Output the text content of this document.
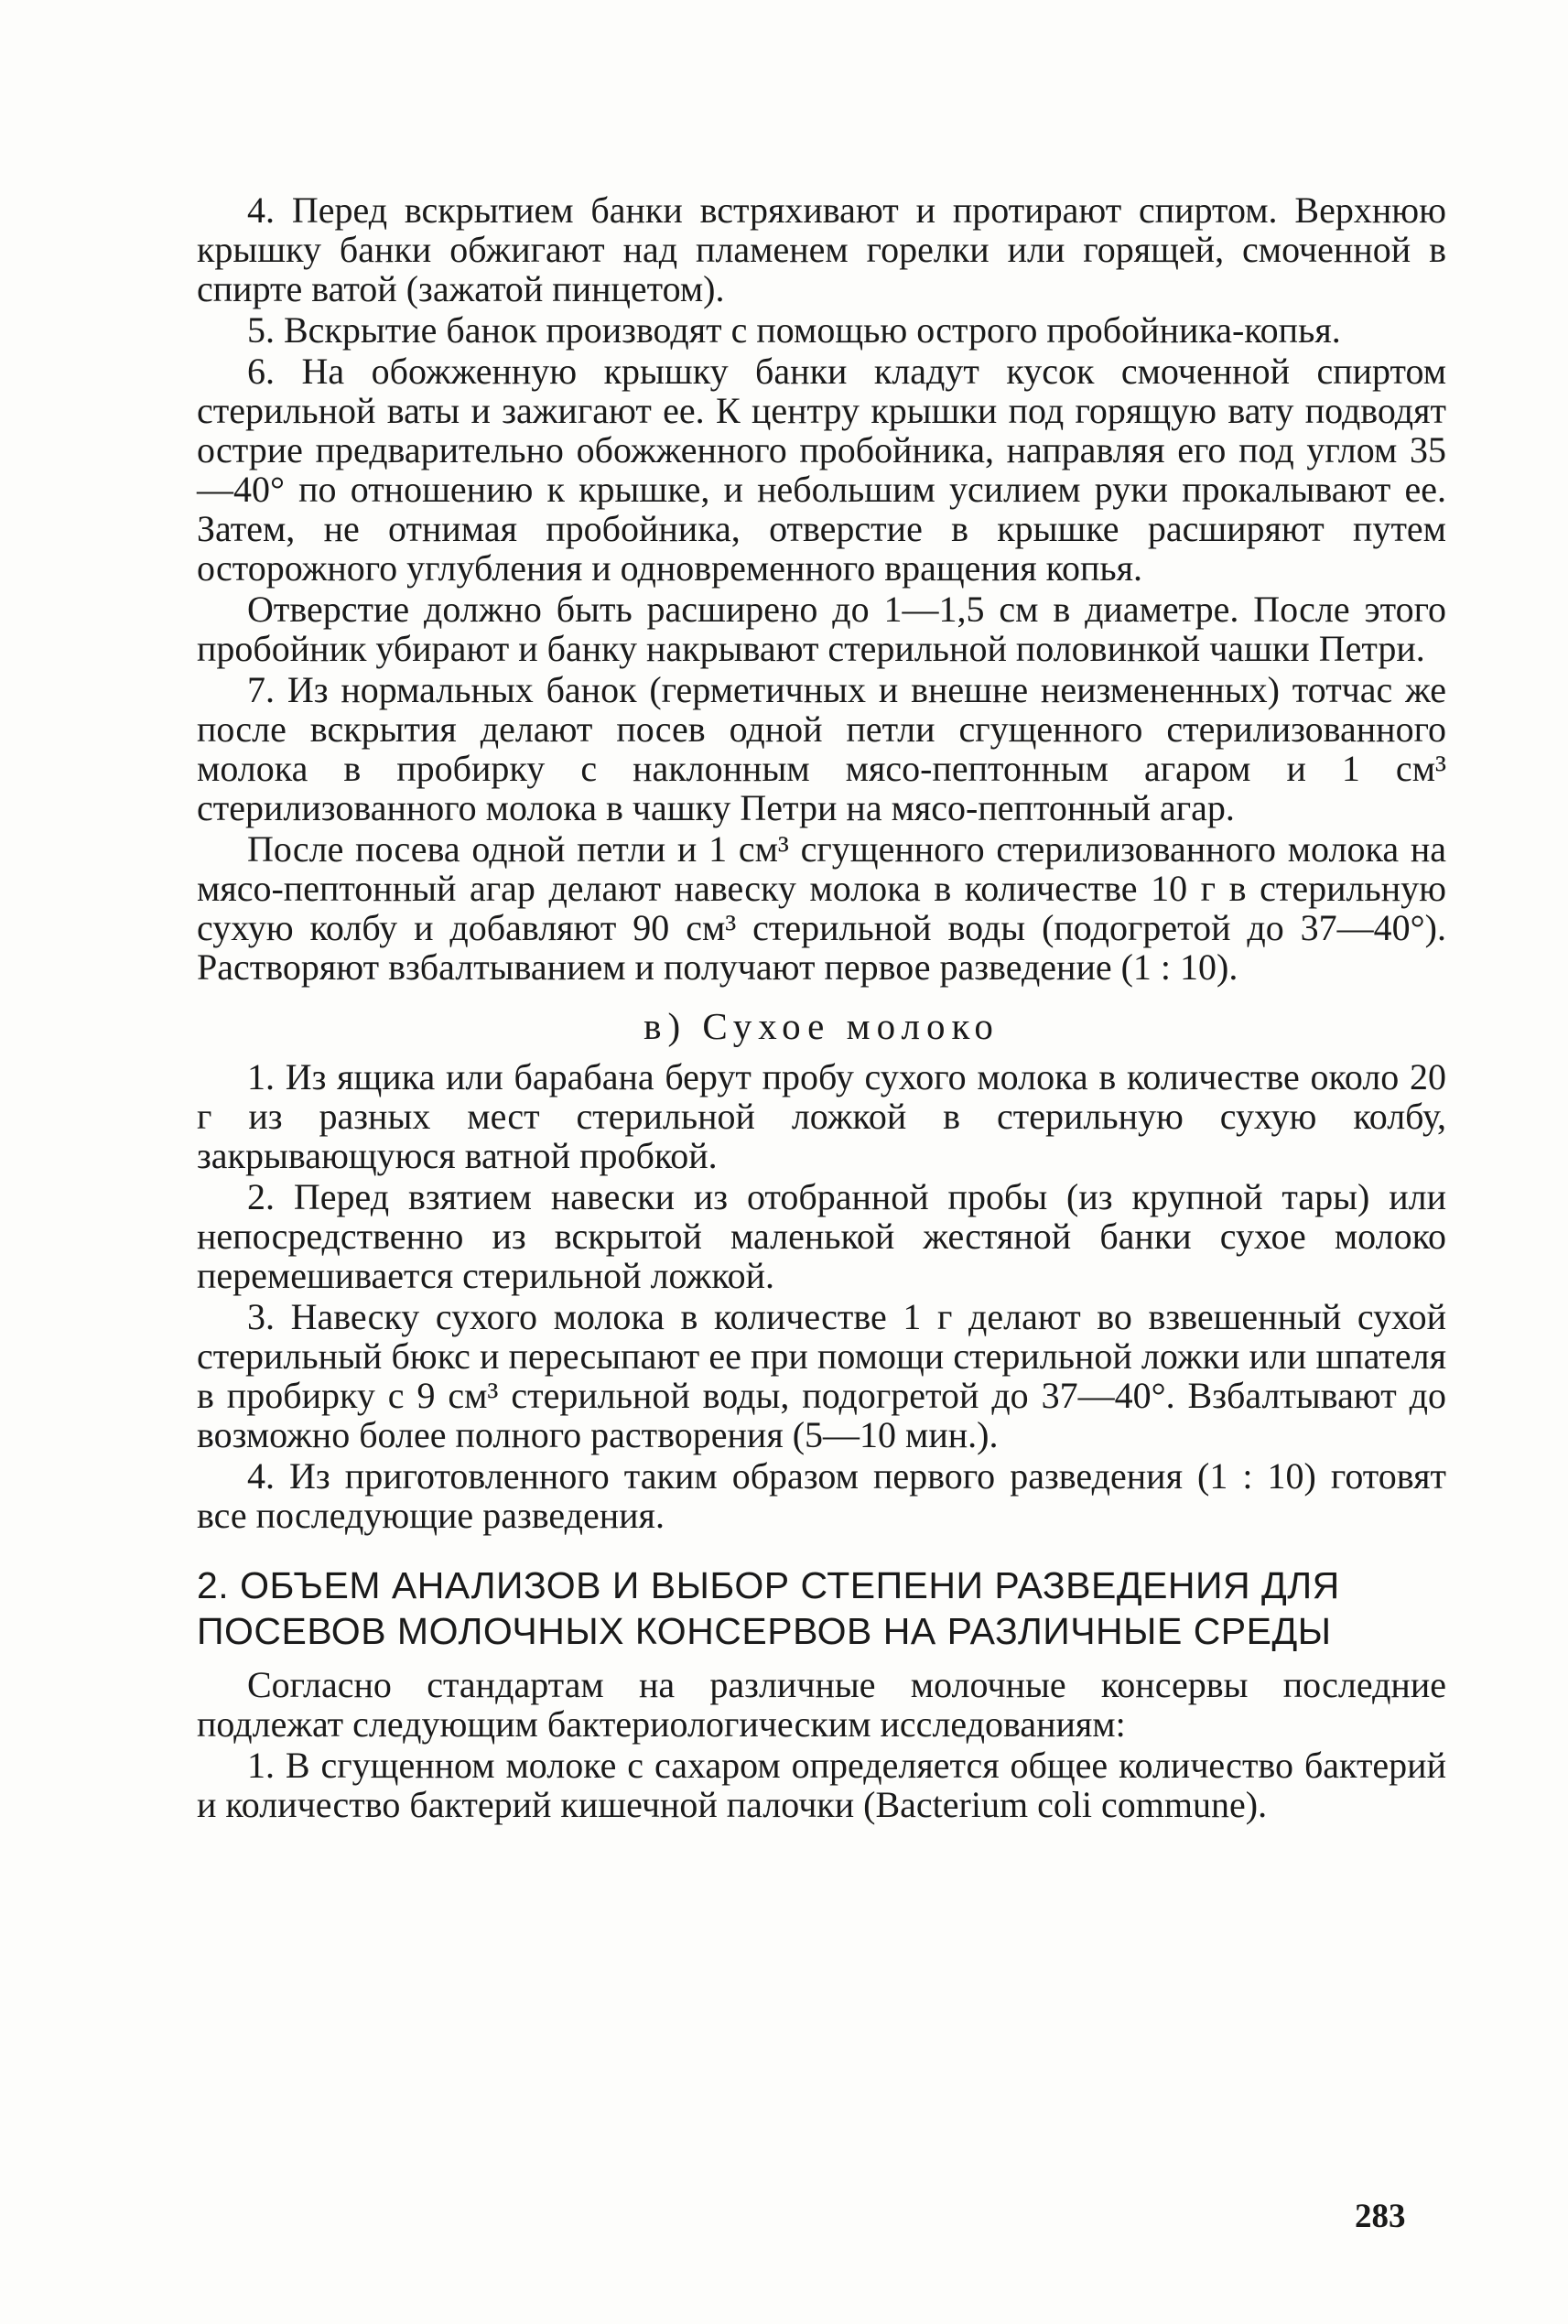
4. Перед вскрытием банки встряхивают и протирают спиртом. Верхнюю крышку банки обжигают над пламенем горелки или горящей, смоченной в спирте ватой (зажатой пинцетом).

5. Вскрытие банок производят с помощью острого пробойника-копья.

6. На обожженную крышку банки кладут кусок смоченной спиртом стерильной ваты и зажигают ее. К центру крышки под горящую вату подводят острие предварительно обожженного пробойника, направляя его под углом 35—40° по отношению к крышке, и небольшим усилием руки прокалывают ее. Затем, не отнимая пробойника, отверстие в крышке расширяют путем осторожного углубления и одновременного вращения копья.

Отверстие должно быть расширено до 1—1,5 см в диаметре. После этого пробойник убирают и банку накрывают стерильной половинкой чашки Петри.

7. Из нормальных банок (герметичных и внешне неизмененных) тотчас же после вскрытия делают посев одной петли сгущенного стерилизованного молока в пробирку с наклонным мясо-пептонным агаром и 1 см³ стерилизованного молока в чашку Петри на мясо-пептонный агар.

После посева одной петли и 1 см³ сгущенного стерилизованного молока на мясо-пептонный агар делают навеску молока в количестве 10 г в стерильную сухую колбу и добавляют 90 см³ стерильной воды (подогретой до 37—40°). Растворяют взбалтыванием и получают первое разведение (1 : 10).

в) Сухое молоко

1. Из ящика или барабана берут пробу сухого молока в количестве около 20 г из разных мест стерильной ложкой в стерильную сухую колбу, закрывающуюся ватной пробкой.

2. Перед взятием навески из отобранной пробы (из крупной тары) или непосредственно из вскрытой маленькой жестяной банки сухое молоко перемешивается стерильной ложкой.

3. Навеску сухого молока в количестве 1 г делают во взвешенный сухой стерильный бюкс и пересыпают ее при помощи стерильной ложки или шпателя в пробирку с 9 см³ стерильной воды, подогретой до 37—40°. Взбалтывают до возможно более полного растворения (5—10 мин.).

4. Из приготовленного таким образом первого разведения (1 : 10) готовят все последующие разведения.

2. ОБЪЕМ АНАЛИЗОВ И ВЫБОР СТЕПЕНИ РАЗВЕДЕНИЯ ДЛЯ ПОСЕВОВ МОЛОЧНЫХ КОНСЕРВОВ НА РАЗЛИЧНЫЕ СРЕДЫ

Согласно стандартам на различные молочные консервы последние подлежат следующим бактериологическим исследованиям:

1. В сгущенном молоке с сахаром определяется общее количество бактерий и количество бактерий кишечной палочки (Bacterium coli commune).

283
